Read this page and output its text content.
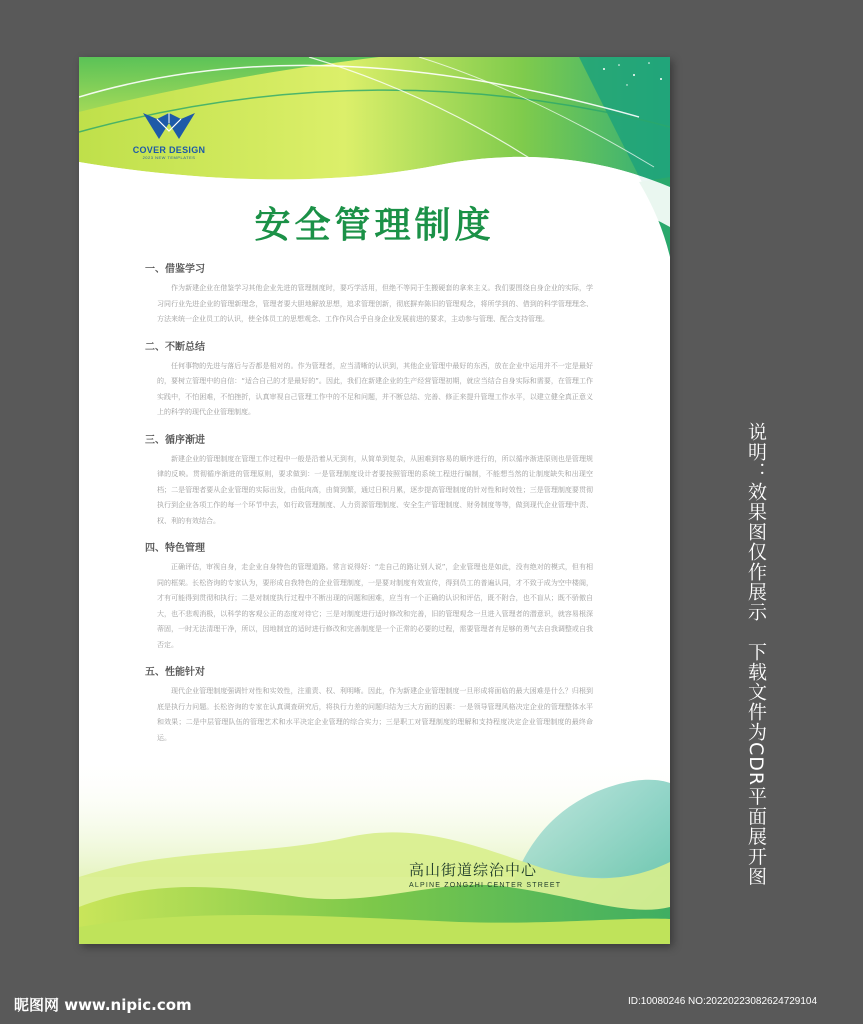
COVER DESIGN
2023 NEW TEMPLATES
安全管理制度

一、借鉴学习

作为新建企业在借鉴学习其他企业先进的管理制度时，要巧学活用，但绝不等同于生搬硬套的拿来主义。我们要围绕自身企业的实际，学习同行业先进企业的管理新理念，管理者要大胆地解放思想，追求管理创新，彻底摒弃陈旧的管理观念，将所学到的、借到的科学管理理念、方法来统一企业员工的认识，使全体员工的思想观念、工作作风合乎自身企业发展前进的要求，主动参与管理、配合支持管理。

二、不断总结

任何事物的先进与落后与否都是相对的。作为管理者，应当清晰的认识到，其他企业管理中最好的东西，放在企业中运用并不一定是最好的，要树立管理中的自信：“适合自己的才是最好的”。因此，我们在新建企业的生产经营管理初期，就应当结合自身实际和需要，在管理工作实践中，不怕困难，不怕挫折，认真审视自己管理工作中的不足和问题，并不断总结、完善、修正来提升管理工作水平，以建立健全真正意义上的科学的现代企业管理制度。

三、循序渐进

新建企业的管理制度在管理工作过程中一般是沿着从无到有，从简单到复杂，从困难到容易的顺序进行的，所以循序渐进原则也是管理规律的反映。贯彻循序渐进的管理原则，要求做到：一是管理制度设计者要按照管理的系统工程进行编制，不能想当然的让制度缺失和出现空档；二是管理者要从企业管理的实际出发，由低向高，由简到繁，通过日积月累，逐步提高管理制度的针对性和时效性；三是管理制度要贯彻执行到企业各项工作的每一个环节中去，如行政管理制度、人力资源管理制度、安全生产管理制度、财务制度等等，做到现代企业管理中责、权、利的有效结合。

四、特色管理

正确评估，审视自身，走企业自身特色的管理道路。常言说得好：“走自己的路让别人说”，企业管理也是如此，没有绝对的模式，但有相同的框架。长松咨询的专家认为，要形成自我特色的企业管理制度，一是要对制度有效宣传，得到员工的普遍认同，才不致于成为空中楼阁，才有可能得到贯彻和执行；二是对制度执行过程中不断出现的问题和困难，应当有一个正确的认识和评估，既不附合，也不盲从；既不骄傲自大，也不悲观消极，以科学的客观公正的态度对待它；三是对制度进行适时修改和完善，旧的管理观念一旦进入管理者的潜意识，就容易根深蒂固，一时无法清理干净，所以，因地制宜的适时进行修改和完善制度是一个正常的必要的过程，需要管理者有足够的勇气去自我调整或自我否定。

五、性能针对

现代企业管理制度强调针对性和实效性，注重责、权、利明晰。因此，作为新建企业管理制度一旦形成将面临的最大困难是什么？归根到底是执行力问题。长松咨询的专家在认真调查研究后，将执行力差的问题归结为三大方面的因素：一是领导管理风格决定企业的管理整体水平和效果；二是中层管理队伍的管理艺术和水平决定企业管理的综合实力；三是职工对管理制度的理解和支持程度决定企业管理制度的最终命运。

高山街道综治中心
ALPINE ZONGZHI CENTER STREET	说明：效果图仅作展示　下载文件为CDR平面展开图
昵图网 www.nipic.com	ID:10080246 NO:20220223082624729104
